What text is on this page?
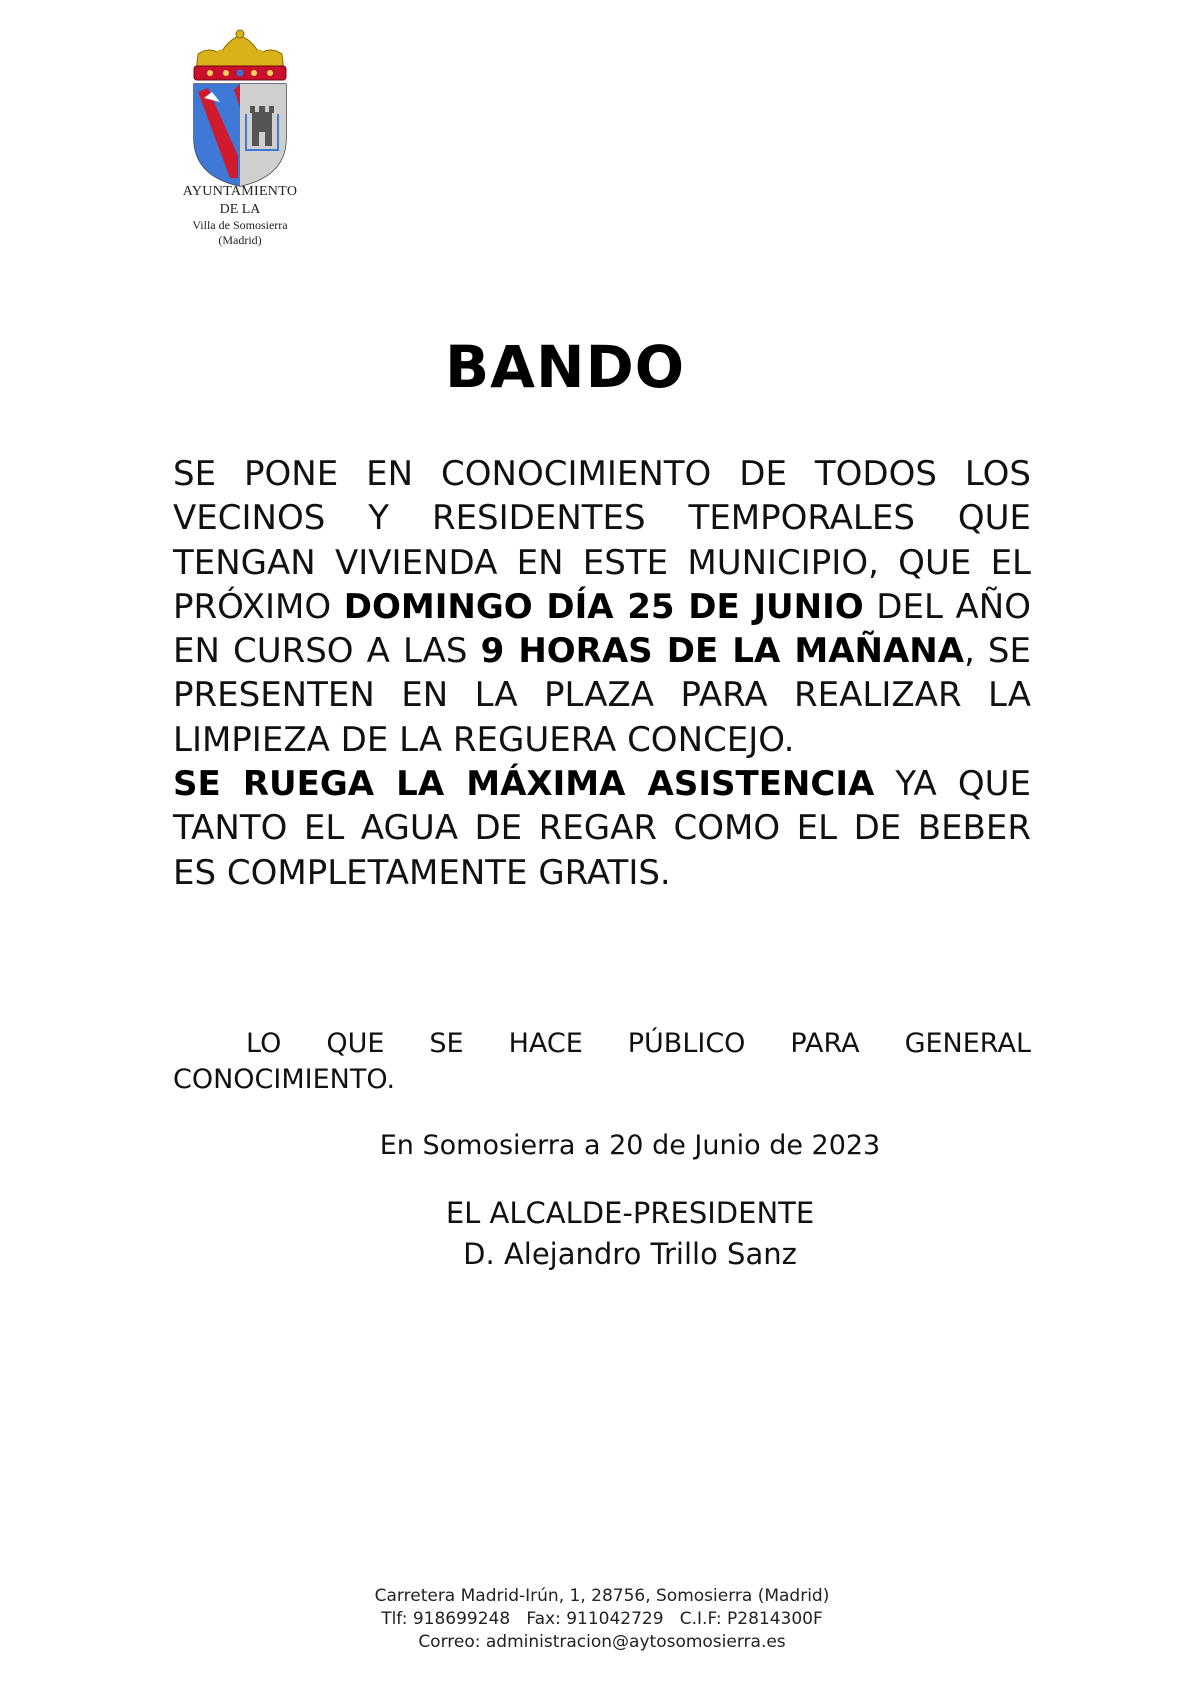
AYUNTAMIENTO
DE LA
Villa de Somosierra
(Madrid)
BANDO

SE PONE EN CONOCIMIENTO DE TODOS LOS VECINOS Y RESIDENTES TEMPORALES QUE TENGAN VIVIENDA EN ESTE MUNICIPIO, QUE EL PRÓXIMO DOMINGO DÍA 25 DE JUNIO DEL AÑO EN CURSO A LAS 9 HORAS DE LA MAÑANA, SE PRESENTEN EN LA PLAZA PARA REALIZAR LA LIMPIEZA DE LA REGUERA CONCEJO.

SE RUEGA LA MÁXIMA ASISTENCIA YA QUE TANTO EL AGUA DE REGAR COMO EL DE BEBER ES COMPLETAMENTE GRATIS.

LO QUE SE HACE PÚBLICO PARA GENERAL CONOCIMIENTO.
En Somosierra a 20 de Junio de 2023
EL ALCALDE-PRESIDENTE
D. Alejandro Trillo Sanz
Carretera Madrid-Irún, 1, 28756, Somosierra (Madrid)
Tlf: 918699248   Fax: 911042729   C.I.F: P2814300F
Correo: administracion@aytosomosierra.es
